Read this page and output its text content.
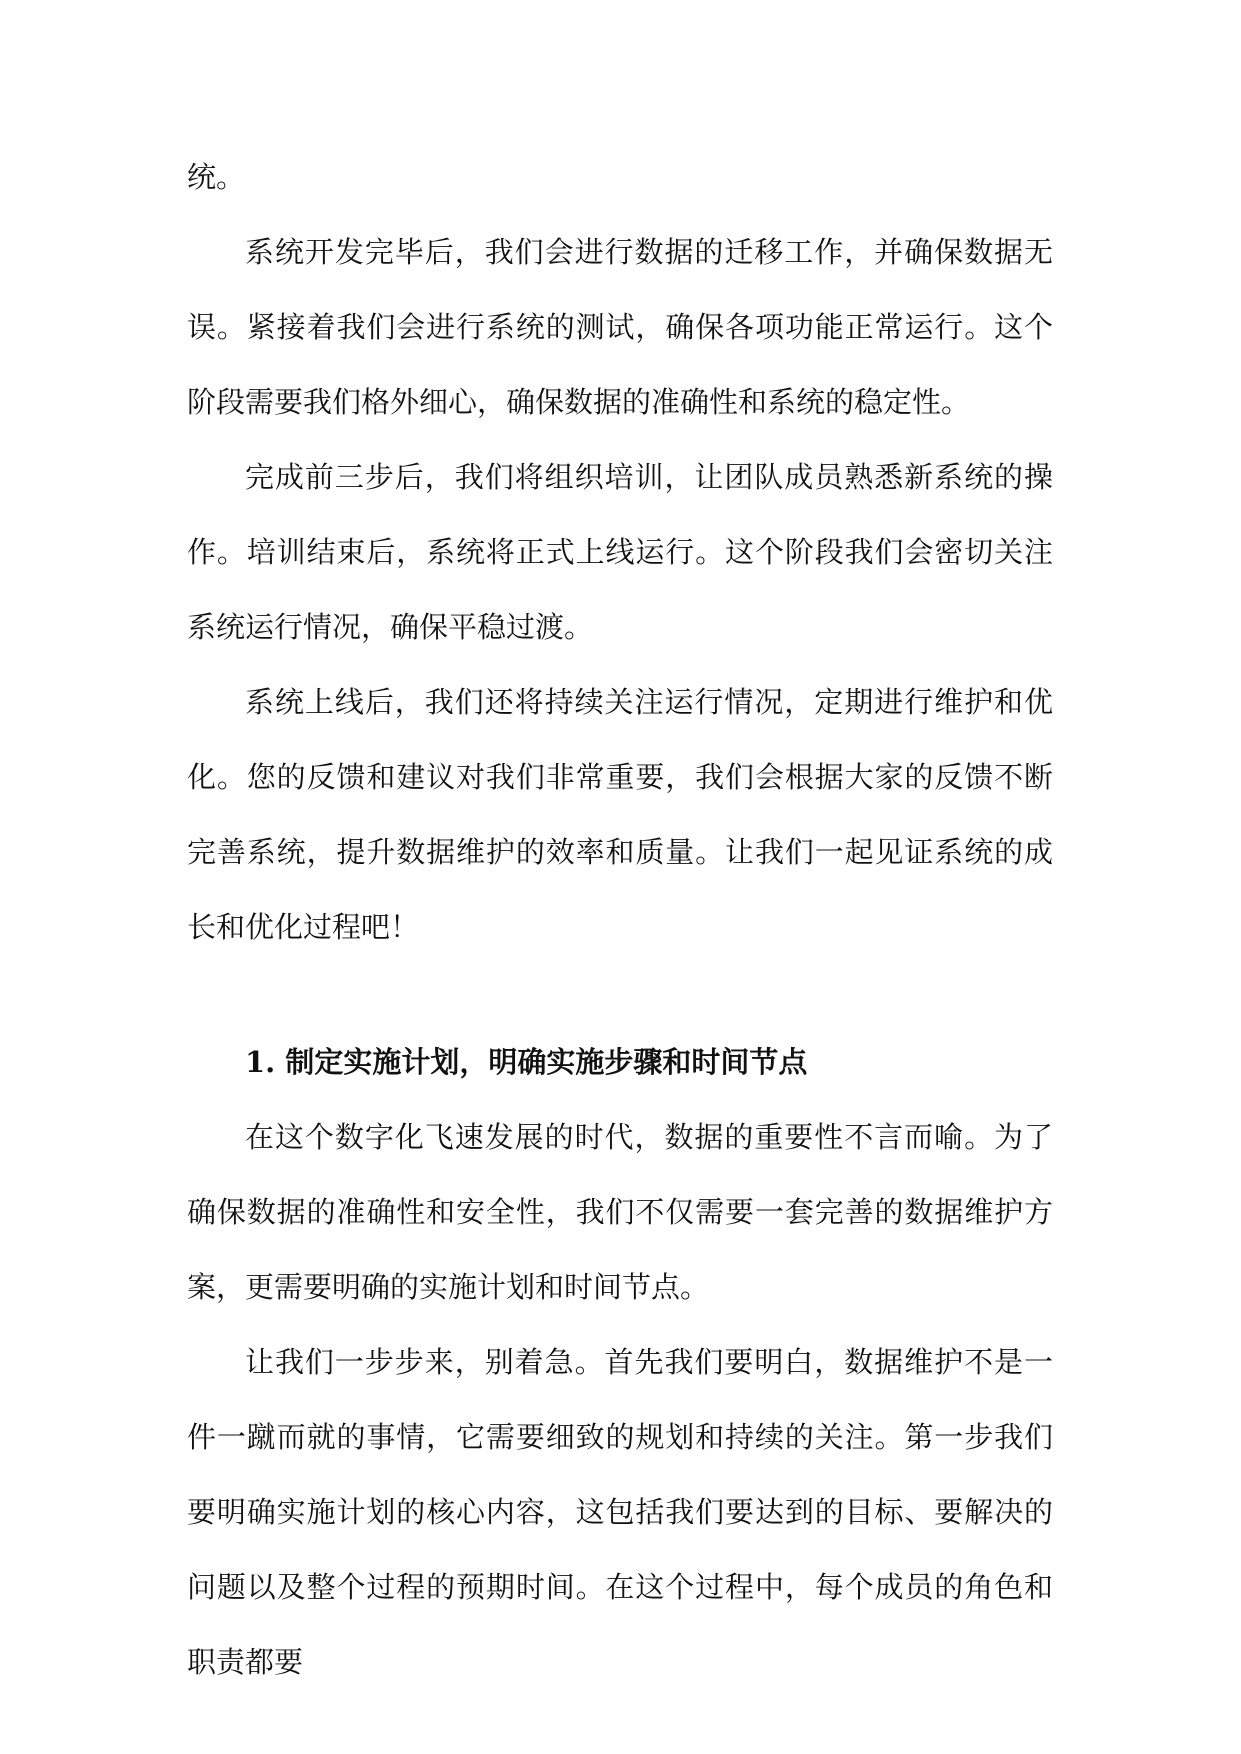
统。

系统开发完毕后，我们会进行数据的迁移工作，并确保数据无误。紧接着我们会进行系统的测试，确保各项功能正常运行。这个阶段需要我们格外细心，确保数据的准确性和系统的稳定性。

完成前三步后，我们将组织培训，让团队成员熟悉新系统的操作。培训结束后，系统将正式上线运行。这个阶段我们会密切关注系统运行情况，确保平稳过渡。

系统上线后，我们还将持续关注运行情况，定期进行维护和优化。您的反馈和建议对我们非常重要，我们会根据大家的反馈不断完善系统，提升数据维护的效率和质量。让我们一起见证系统的成长和优化过程吧！

1. 制定实施计划，明确实施步骤和时间节点

在这个数字化飞速发展的时代，数据的重要性不言而喻。为了确保数据的准确性和安全性，我们不仅需要一套完善的数据维护方案，更需要明确的实施计划和时间节点。

让我们一步步来，别着急。首先我们要明白，数据维护不是一件一蹴而就的事情，它需要细致的规划和持续的关注。第一步我们要明确实施计划的核心内容，这包括我们要达到的目标、要解决的问题以及整个过程的预期时间。在这个过程中，每个成员的角色和职责都要
